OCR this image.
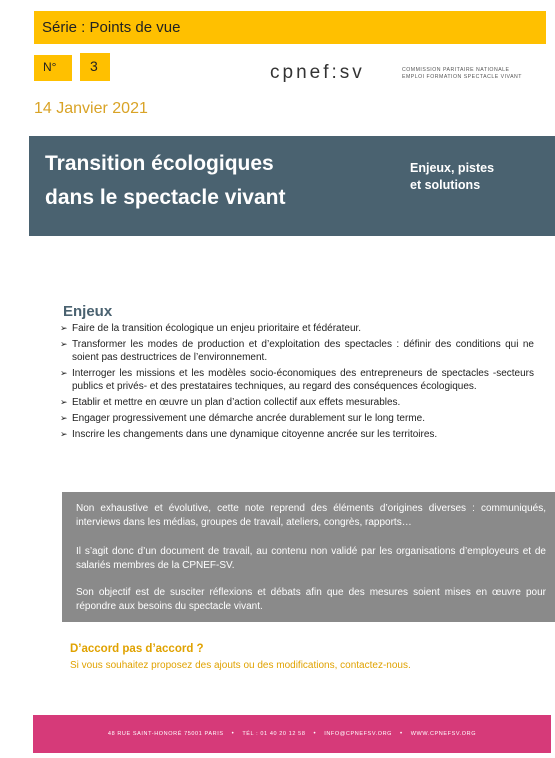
Série : Points de vue
N° 3	cpnef:sv	COMMISSION PARITAIRE NATIONALE
EMPLOI FORMATION SPECTACLE VIVANT
14 Janvier 2021
Transition écologiques
dans le spectacle vivant
Enjeux, pistes
et solutions
Enjeux
➢ Faire de la transition écologique un enjeu prioritaire et fédérateur.
➢ Transformer les modes de production et d’exploitation des spectacles : définir des conditions qui ne soient pas destructrices de l’environnement.
➢ Interroger les missions et les modèles socio-économiques des entrepreneurs de spectacles -secteurs publics et privés- et des prestataires techniques, au regard des conséquences écologiques.
➢ Etablir et mettre en œuvre un plan d’action collectif aux effets mesurables.
➢ Engager progressivement une démarche ancrée durablement sur le long terme.
➢ Inscrire les changements dans une dynamique citoyenne ancrée sur les territoires.

Non exhaustive et évolutive, cette note reprend des éléments d’origines diverses : communiqués, interviews dans les médias, groupes de travail, ateliers, congrès, rapports…

Il s’agit donc d’un document de travail, au contenu non validé par les organisations d’employeurs et de salariés membres de la CPNEF-SV.

Son objectif est de susciter réflexions et débats afin que des mesures soient mises en œuvre pour répondre aux besoins du spectacle vivant.

D’accord pas d’accord ?
Si vous souhaitez proposez des ajouts ou des modifications, contactez-nous.
48 RUE SAINT-HONORÉ 75001 PARIS • TÉL : 01 40 20 12 58 • INFO@CPNEFSV.ORG • WWW.CPNEFSV.ORG
